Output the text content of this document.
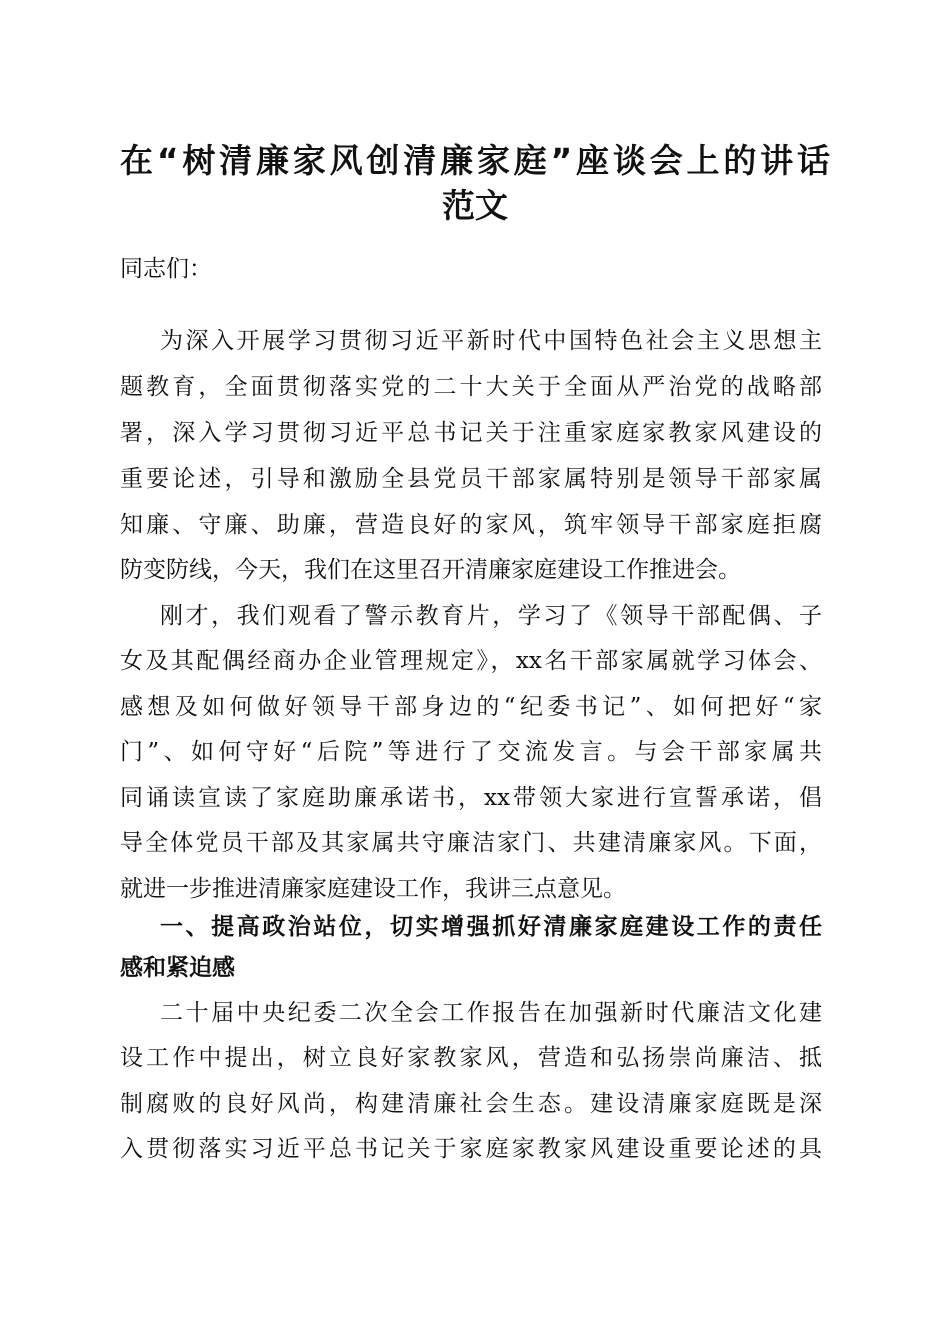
在“树清廉家风创清廉家庭”座谈会上的讲话
范文
同志们：
为深入开展学习贯彻习近平新时代中国特色社会主义思想主
题教育，全面贯彻落实党的二十大关于全面从严治党的战略部
署，深入学习贯彻习近平总书记关于注重家庭家教家风建设的
重要论述，引导和激励全县党员干部家属特别是领导干部家属
知廉、守廉、助廉，营造良好的家风，筑牢领导干部家庭拒腐
防变防线，今天，我们在这里召开清廉家庭建设工作推进会。
刚才，我们观看了警示教育片，学习了《领导干部配偶、子
女及其配偶经商办企业管理规定》，xx名干部家属就学习体会、
感想及如何做好领导干部身边的“纪委书记”、如何把好“家
门”、如何守好“后院”等进行了交流发言。与会干部家属共
同诵读宣读了家庭助廉承诺书，xx带领大家进行宣誓承诺，倡
导全体党员干部及其家属共守廉洁家门、共建清廉家风。下面，
就进一步推进清廉家庭建设工作，我讲三点意见。
一、提高政治站位，切实增强抓好清廉家庭建设工作的责任
感和紧迫感
二十届中央纪委二次全会工作报告在加强新时代廉洁文化建
设工作中提出，树立良好家教家风，营造和弘扬崇尚廉洁、抵
制腐败的良好风尚，构建清廉社会生态。建设清廉家庭既是深
入贯彻落实习近平总书记关于家庭家教家风建设重要论述的具
